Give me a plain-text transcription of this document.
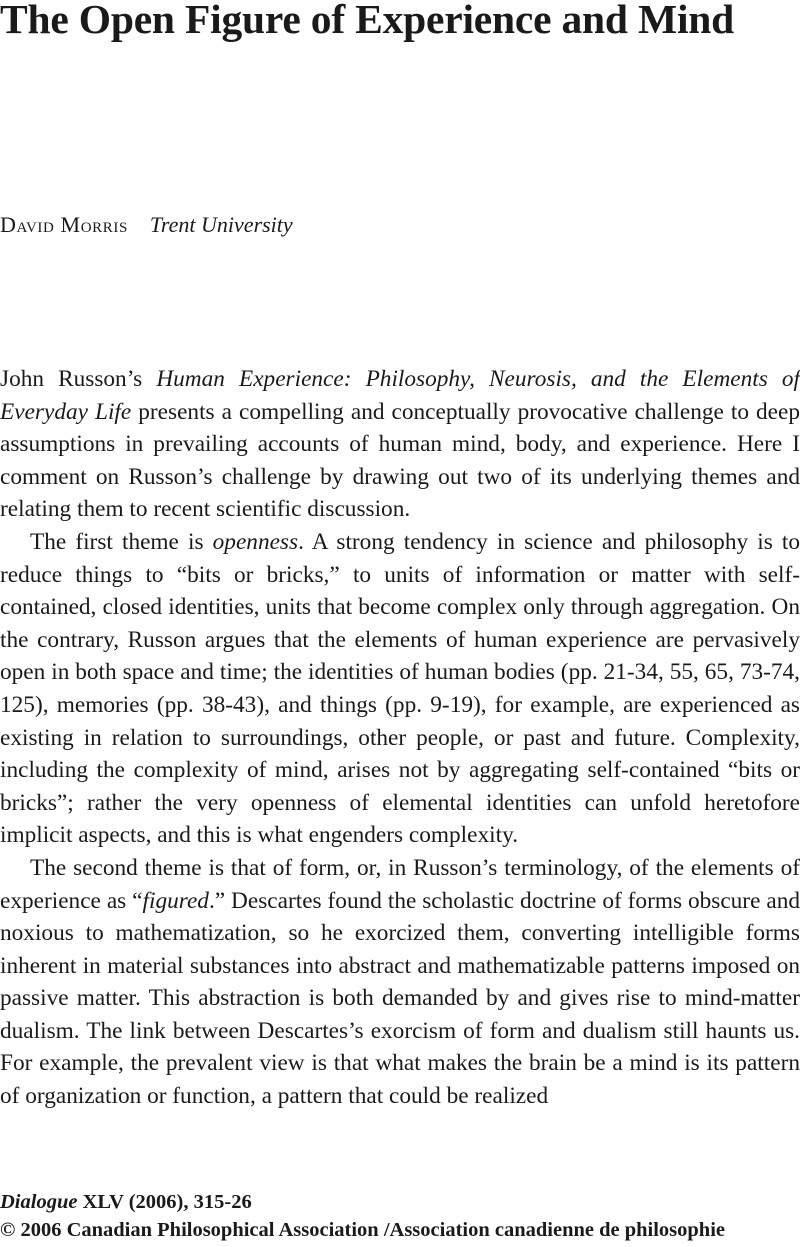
The Open Figure of Experience and Mind
David Morris Trent University

John Russon’s Human Experience: Philosophy, Neurosis, and the Elements of Everyday Life presents a compelling and conceptually provocative challenge to deep assumptions in prevailing accounts of human mind, body, and experience. Here I comment on Russon’s challenge by drawing out two of its underlying themes and relating them to recent scientific discussion.

The first theme is openness. A strong tendency in science and philosophy is to reduce things to “bits or bricks,” to units of information or matter with self-contained, closed identities, units that become complex only through aggregation. On the contrary, Russon argues that the elements of human experience are pervasively open in both space and time; the identities of human bodies (pp. 21-34, 55, 65, 73-74, 125), memories (pp. 38-​43), and things (pp. 9-19), for example, are experienced as existing in relation to surroundings, other people, or past and future. Complexity, including the complexity of mind, arises not by aggregating self-contained “bits or bricks”; rather the very openness of elemental identities can unfold heretofore implicit aspects, and this is what engenders complexity.

The second theme is that of form, or, in Russon’s terminology, of the elements of experience as “figured.” Descartes found the scholastic doctrine of forms obscure and noxious to mathematization, so he exorcized them, converting intelligible forms inherent in material substances into abstract and mathematizable patterns imposed on passive matter. This abstraction is both demanded by and gives rise to mind-matter dualism. The link between Descartes’s exorcism of form and dualism still haunts us. For example, the prevalent view is that what makes the brain be a mind is its pattern of organization or function, a pattern that could be realized

Dialogue XLV (2006), 315-26

© 2006 Canadian Philosophical Association /Association canadienne de philosophie
